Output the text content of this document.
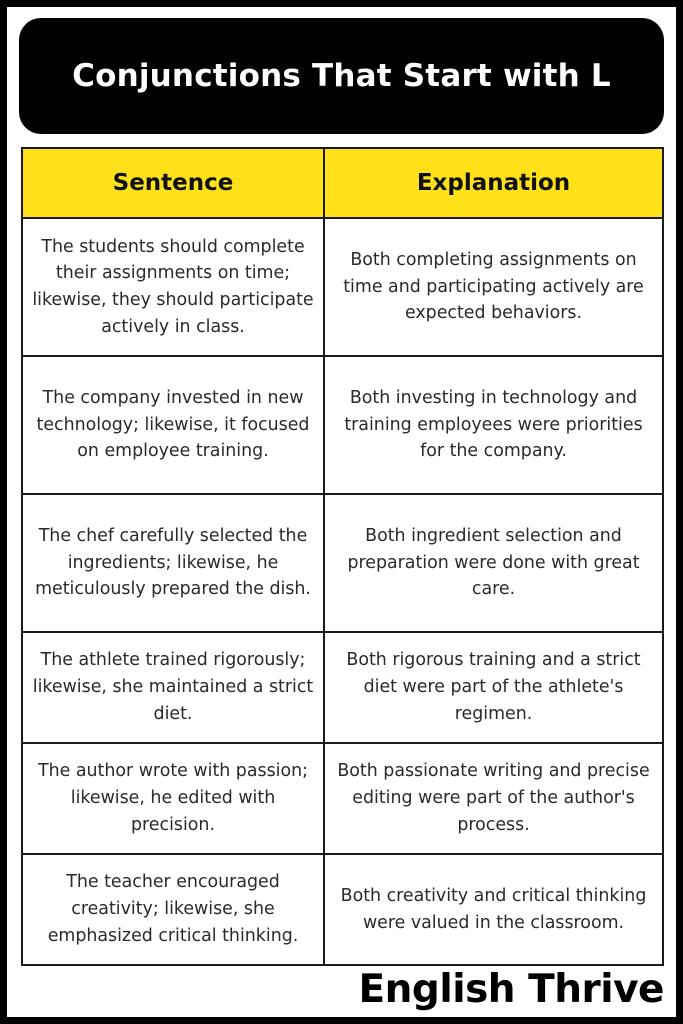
Conjunctions That Start with L
Sentence	Explanation
The students should complete their assignments on time; likewise, they should participate actively in class.	Both completing assignments on time and participating actively are expected behaviors.
The company invested in new technology; likewise, it focused on employee training.	Both investing in technology and training employees were priorities for the company.
The chef carefully selected the ingredients; likewise, he meticulously prepared the dish.	Both ingredient selection and preparation were done with great care.
The athlete trained rigorously; likewise, she maintained a strict diet.	Both rigorous training and a strict diet were part of the athlete's regimen.
The author wrote with passion; likewise, he edited with precision.	Both passionate writing and precise editing were part of the author's process.
The teacher encouraged creativity; likewise, she emphasized critical thinking.	Both creativity and critical thinking were valued in the classroom.
English Thrive
